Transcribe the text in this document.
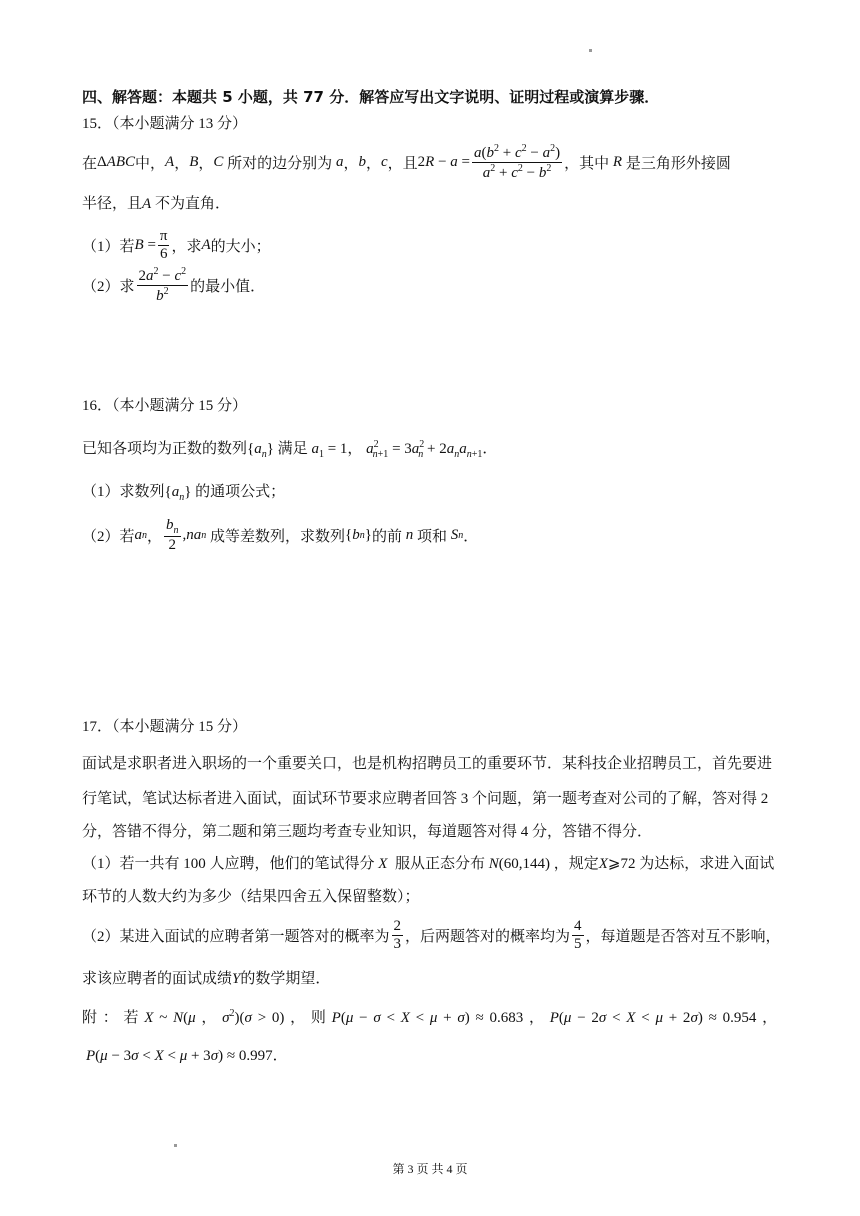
四、解答题：本题共 5 小题，共 77 分．解答应写出文字说明、证明过程或演算步骤．
15．（本小题满分 13 分）
在 Δ ABC 中， A ， B ， C
所对的边分别为 a ， b ， c ，且 $2R - a = \frac{a(b^2 + c^2 - a^2)}{a^2 + c^2 - b^2}$ ，其中 R 是三角形外接圆
半径，且A 不为直角．
（1）若 $B = \frac{\pi}{6}$ ，求 A 的大小；
（2）求 $\frac{2a^2 - c^2}{b^2}$ 的最小值．
16．（本小题满分 15 分）
已知各项均为正数的数列$\{a_n\}$ 满足 $a_1 = 1$， $a^2_{n+1} = 3a^2_n + 2a_na_{n+1}$．
（1）求数列$\{a_n\}$ 的通项公式；
（2）若 a n ， $\frac{b_n}{2}$ , na n
成等差数列，求数列 { b n } 的前 n 项和 S n ．
17．（本小题满分 15 分）
面试是求职者进入职场的一个重要关口，也是机构招聘员工的重要环节．某科技企业招聘员工，首先要进
行笔试，笔试达标者进入面试，面试环节要求应聘者回答 3 个问题，第一题考查对公司的了解，答对得 2
分，答错不得分，第二题和第三题均考查专业知识，每道题答对得 4 分，答错不得分．
（1）若一共有 100 人应聘，他们的笔试得分 X  服从正态分布 N(60,144) ，规定X⩾72 为达标，求进入面试
环节的人数大约为多少（结果四舍五入保留整数）；
（2）某进入面试的应聘者第一题答对的概率为 $\frac{2}{3}$ ，后两题答对的概率均为 $\frac{4}{5}$ ，每道题是否答对互不影响，
求该应聘者的面试成绩Y的数学期望．
附 ： 若 X ~ N(μ ， $\sigma^2)(\sigma > 0)$ ， 则 P(μ − σ < X < μ + σ) ≈ 0.683 ， P(μ − 2σ < X < μ + 2σ) ≈ 0.954 ，
P(μ − 3σ < X < μ + 3σ) ≈ 0.997．
第 3 页 共 4 页
